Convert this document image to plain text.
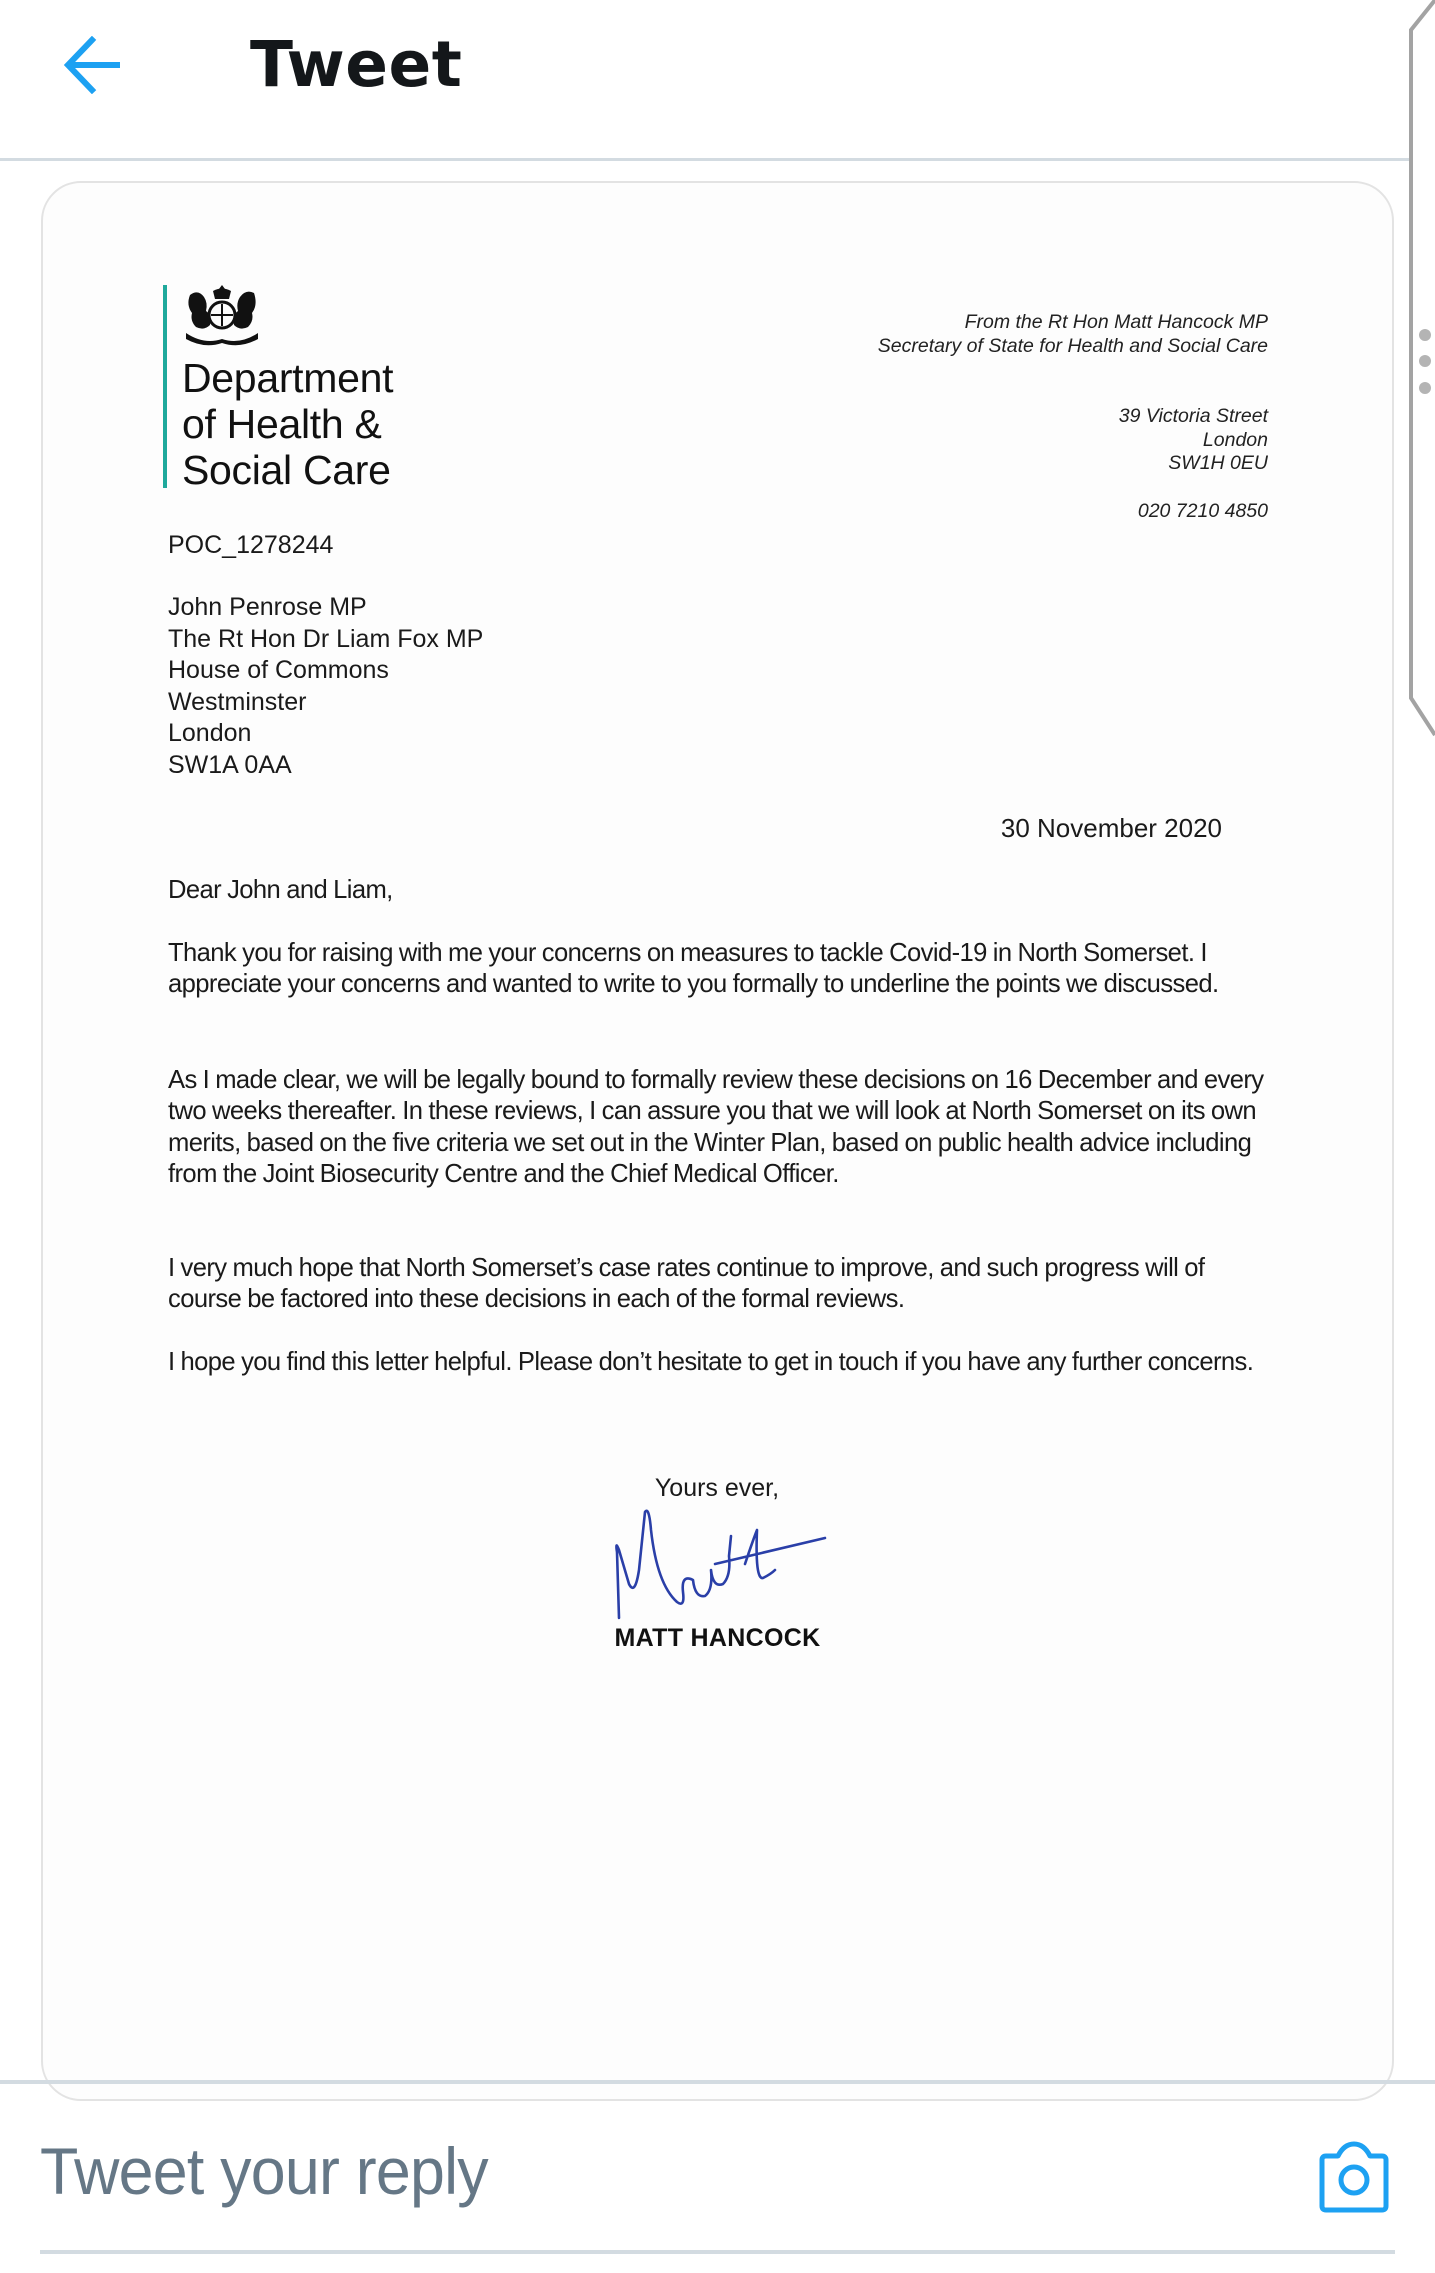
Tweet
Department
of Health &
Social Care
From the Rt Hon Matt Hancock MP
Secretary of State for Health and Social Care
39 Victoria Street
London
SW1H 0EU
020 7210 4850
POC_1278244
John Penrose MP
The Rt Hon Dr Liam Fox MP
House of Commons
Westminster
London
SW1A 0AA
30 November 2020

Dear John and Liam,

Thank you for raising with me your concerns on measures to tackle Covid-19 in North Somerset. I appreciate your concerns and wanted to write to you formally to underline the points we discussed.

As I made clear, we will be legally bound to formally review these decisions on 16 December and every two weeks thereafter. In these reviews, I can assure you that we will look at North Somerset on its own merits, based on the five criteria we set out in the Winter Plan, based on public health advice including from the Joint Biosecurity Centre and the Chief Medical Officer.

I very much hope that North Somerset’s case rates continue to improve, and such progress will of course be factored into these decisions in each of the formal reviews.

I hope you find this letter helpful. Please don’t hesitate to get in touch if you have any further concerns.

Yours ever,
MATT HANCOCK
Tweet your reply
